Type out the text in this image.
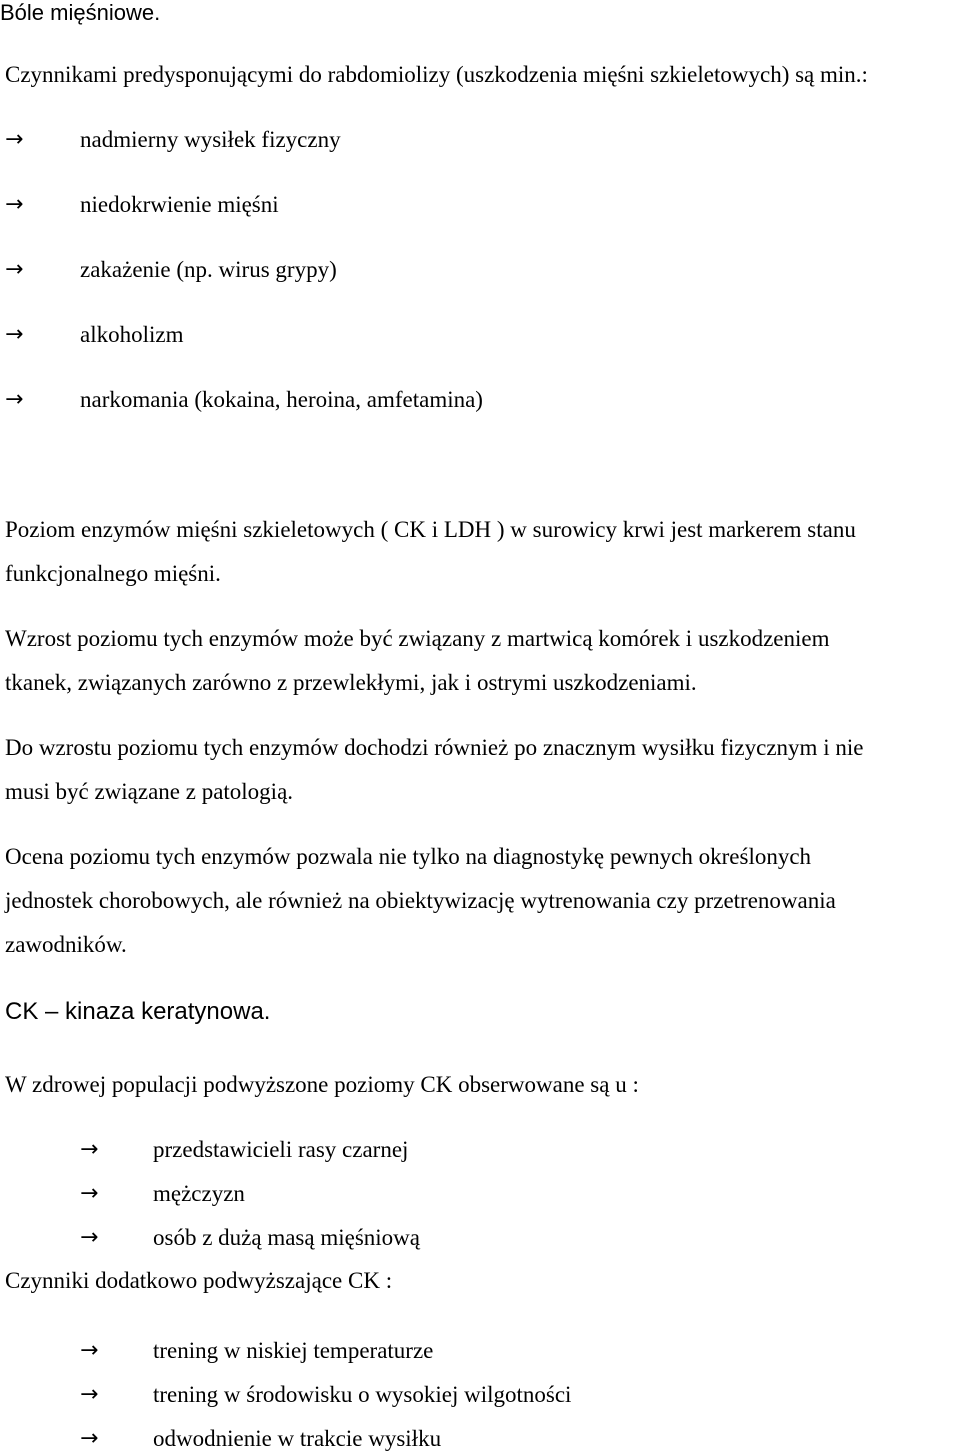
Bóle mięśniowe.
Czynnikami predysponującymi do rabdomiolizy (uszkodzenia mięśni szkieletowych) są min.:
→ nadmierny wysiłek fizyczny
→ niedokrwienie mięśni
→ zakażenie (np. wirus grypy)
→ alkoholizm
→ narkomania (kokaina, heroina, amfetamina)
Poziom enzymów mięśni szkieletowych ( CK i LDH ) w surowicy krwi jest markerem stanu
funkcjonalnego mięśni.
Wzrost poziomu tych enzymów może być związany z martwicą komórek i uszkodzeniem
tkanek, związanych zarówno z przewlekłymi, jak i ostrymi uszkodzeniami.
Do wzrostu poziomu tych enzymów dochodzi również po znacznym wysiłku fizycznym i nie
musi być związane z patologią.
Ocena poziomu tych enzymów pozwala nie tylko na diagnostykę pewnych określonych
jednostek chorobowych, ale również na obiektywizację wytrenowania czy przetrenowania
zawodników.
CK – kinaza keratynowa.
W zdrowej populacji podwyższone poziomy CK obserwowane są u :
→ przedstawicieli rasy czarnej
→ mężczyzn
→ osób z dużą masą mięśniową
Czynniki dodatkowo podwyższające CK :
→ trening w niskiej temperaturze
→ trening w środowisku o wysokiej wilgotności
→ odwodnienie w trakcie wysiłku
